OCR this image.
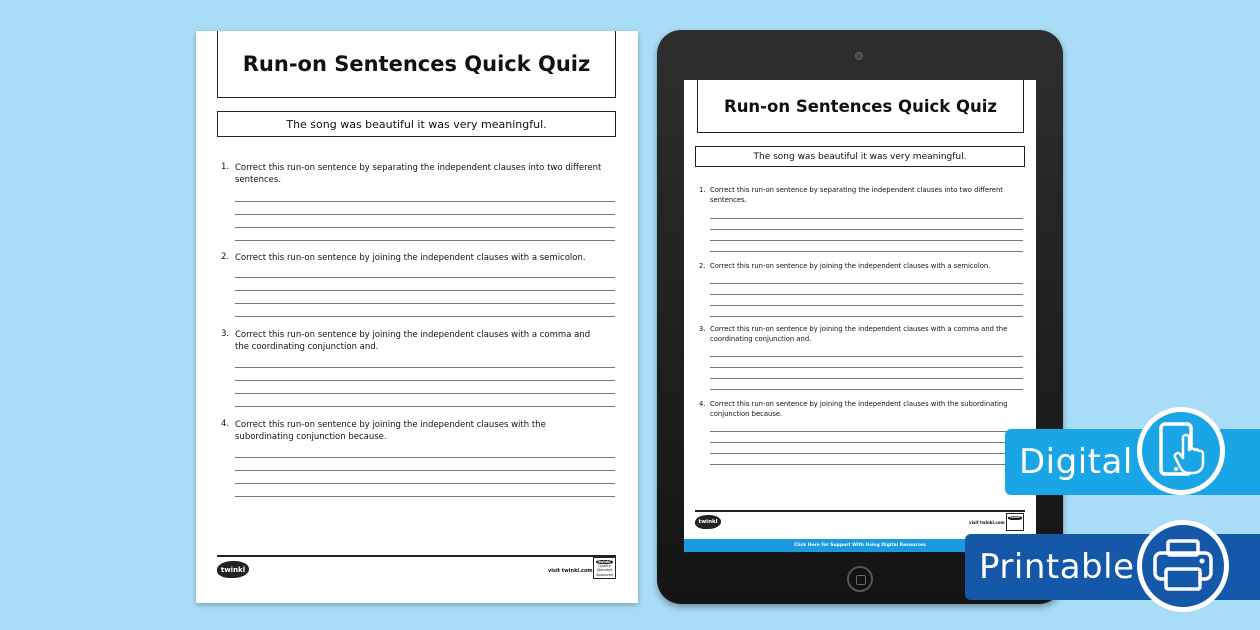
Run-on Sentences Quick Quiz
The song was beautiful it was very meaningful.
1. Correct this run-on sentence by separating the independent clauses into two different sentences.
2. Correct this run-on sentence by joining the independent clauses with a semicolon.
3. Correct this run-on sentence by joining the independent clauses with a comma and the coordinating conjunction and.
4. Correct this run-on sentence by joining the independent clauses with the subordinating conjunction because.
twinkl	visit twinkl.com
twinkl
Quality Standard Approved
Run-on Sentences Quick Quiz
The song was beautiful it was very meaningful.
1. Correct this run-on sentence by separating the independent clauses into two different sentences.
2. Correct this run-on sentence by joining the independent clauses with a semicolon.
3. Correct this run-on sentence by joining the independent clauses with a comma and the coordinating conjunction and.
4. Correct this run-on sentence by joining the independent clauses with the subordinating conjunction because.
twinkl	visit twinkl.com
twinkl
Click Here for Support With Using Digital Resources
Digital
Printable
